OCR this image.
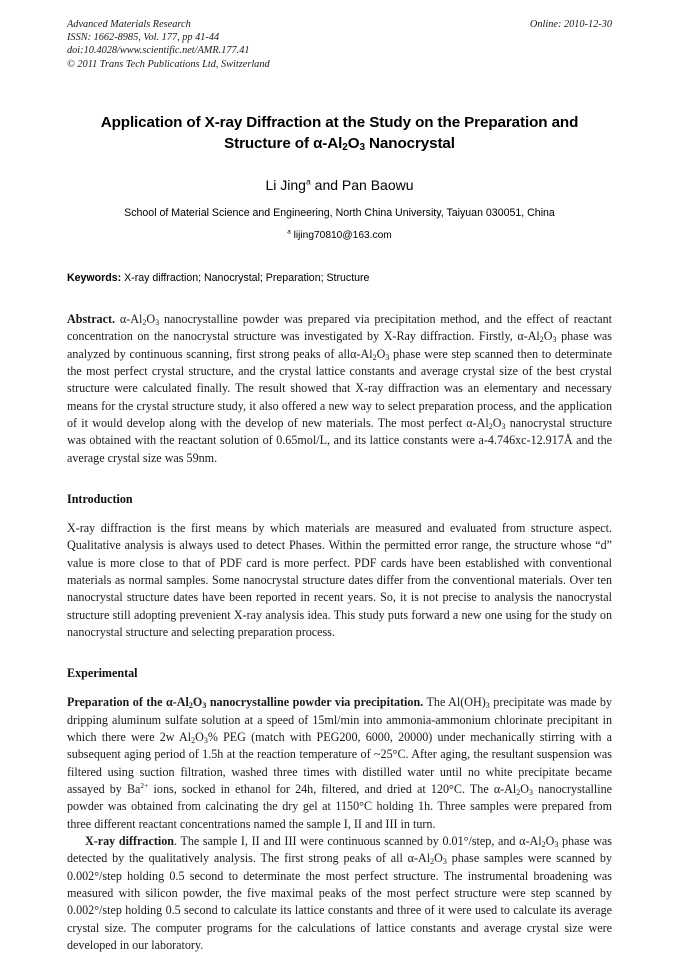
Advanced Materials Research	Online: 2010-12-30
ISSN: 1662-8985, Vol. 177, pp 41-44
doi:10.4028/www.scientific.net/AMR.177.41
© 2011 Trans Tech Publications Ltd, Switzerland
Application of X-ray Diffraction at the Study on the Preparation and
Structure of $\alpha-Al_2O_3$ Nanocrystal
Li Jing$^a$ and Pan Baowu
School of Material Science and Engineering, North China University, Taiyuan 030051, China
$^a$ lijing70810@163.com
Keywords: X-ray diffraction; Nanocrystal; Preparation; Structure
Abstract. $\alpha-Al_2O_3$ nanocrystalline powder was prepared via precipitation method, and the effect of reactant concentration on the nanocrystal structure was investigated by X-Ray diffraction. Firstly, $\alpha-Al_2O_3$ phase was analyzed by continuous scanning, first strong peaks of allα-$Al_2O_3$ phase were step scanned then to determinate the most perfect crystal structure, and the crystal lattice constants and average crystal size of the best crystal structure were calculated finally. The result showed that X-ray diffraction was an elementary and necessary means for the crystal structure study, it also offered a new way to select preparation process, and the application of it would develop along with the develop of new materials. The most perfect $\alpha-Al_2O_3$ nanocrystal structure was obtained with the reactant solution of 0.65mol/L, and its lattice constants were a-4.746xc-12.917Å and the average crystal size was 59nm.
Introduction
X-ray diffraction is the first means by which materials are measured and evaluated from structure aspect. Qualitative analysis is always used to detect Phases. Within the permitted error range, the structure whose “d” value is more close to that of PDF card is more perfect. PDF cards have been established with conventional materials as normal samples. Some nanocrystal structure dates differ from the conventional materials. Over ten nanocrystal structure dates have been reported in recent years. So, it is not precise to analysis the nanocrystal structure still adopting prevenient X-ray analysis idea. This study puts forward a new one using for the study on nanocrystal structure and selecting preparation process.
Experimental
Preparation of the $\alpha-Al_2O_3$ nanocrystalline powder via precipitation. The $Al(OH)_3$ precipitate was made by dripping aluminum sulfate solution at a speed of 15ml/min into ammonia-ammonium chlorinate precipitant in which there were 2w $Al_2O_3\%$ PEG (match with PEG200, 6000, 20000) under mechanically stirring with a subsequent aging period of 1.5h at the reaction temperature of ~25°C. After aging, the resultant suspension was filtered using suction filtration, washed three times with distilled water until no white precipitate became assayed by $Ba^{2+}$ ions, socked in ethanol for 24h, filtered, and dried at 120°C. The $\alpha-Al_2O_3$ nanocrystalline powder was obtained from calcinating the dry gel at 1150°C holding 1h. Three samples were prepared from three different reactant concentrations named the sample I, II and III in turn.
X-ray diffraction. The sample I, II and III were continuous scanned by 0.01°/step, and $\alpha-Al_2O_3$ phase was detected by the qualitatively analysis. The first strong peaks of all $\alpha-Al_2O_3$ phase samples were scanned by 0.002°/step holding 0.5 second to determinate the most perfect structure. The instrumental broadening was measured with silicon powder, the five maximal peaks of the most perfect structure were step scanned by 0.002°/step holding 0.5 second to calculate its lattice constants and three of it were used to calculate its average crystal size. The computer programs for the calculations of lattice constants and average crystal size were developed in our laboratory.
